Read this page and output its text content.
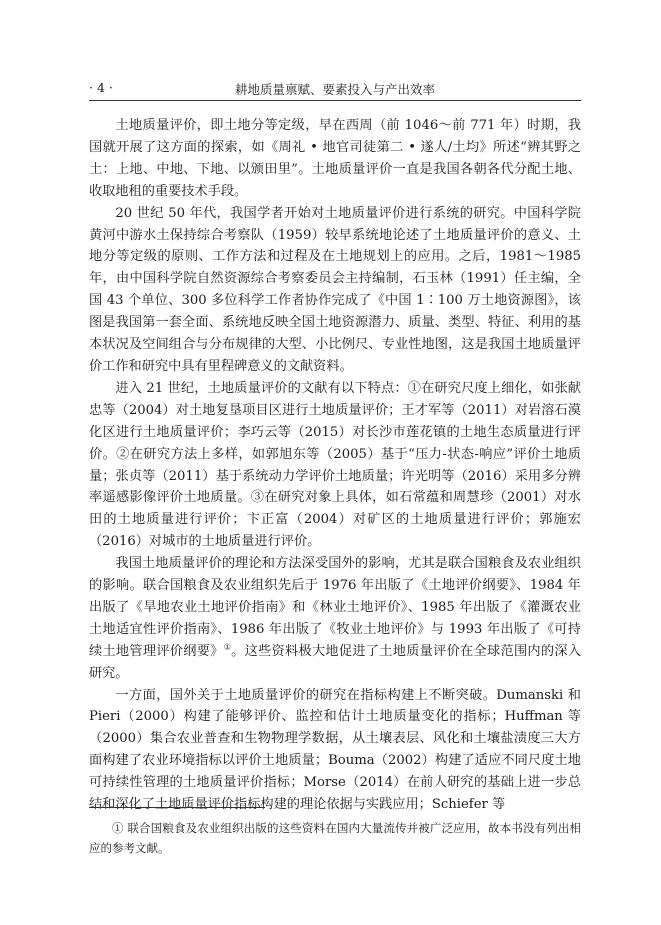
· 4 ·	耕地质量禀赋、要素投入与产出效率

土地质量评价，即土地分等定级，早在西周（前 1046～前 771 年）时期，我国就开展了这方面的探索，如《周礼 • 地官司徒第二 • 遂人/土均》所述“辨其野之土：上地、中地、下地、以颁田里”。土地质量评价一直是我国各朝各代分配土地、收取地租的重要技术手段。

20 世纪 50 年代，我国学者开始对土地质量评价进行系统的研究。中国科学院黄河中游水土保持综合考察队（1959）较早系统地论述了土地质量评价的意义、土地分等定级的原则、工作方法和过程及在土地规划上的应用。之后，1981～1985 年，由中国科学院自然资源综合考察委员会主持编制，石玉林（1991）任主编，全国 43 个单位、300 多位科学工作者协作完成了《中国 1∶100 万土地资源图》，该图是我国第一套全面、系统地反映全国土地资源潜力、质量、类型、特征、利用的基本状况及空间组合与分布规律的大型、小比例尺、专业性地图，这是我国土地质量评价工作和研究中具有里程碑意义的文献资料。

进入 21 世纪，土地质量评价的文献有以下特点：①在研究尺度上细化，如张献忠等（2004）对土地复垦项目区进行土地质量评价；王才军等（2011）对岩溶石漠化区进行土地质量评价；李巧云等（2015）对长沙市莲花镇的土地生态质量进行评价。②在研究方法上多样，如郭旭东等（2005）基于“压力-状态-响应”评价土地质量；张贞等（2011）基于系统动力学评价土地质量；许光明等（2016）采用多分辨率遥感影像评价土地质量。③在研究对象上具体，如石常蕴和周慧珍（2001）对水田的土地质量进行评价；卞正富（2004）对矿区的土地质量进行评价；郭施宏（2016）对城市的土地质量进行评价。

我国土地质量评价的理论和方法深受国外的影响，尤其是联合国粮食及农业组织的影响。联合国粮食及农业组织先后于 1976 年出版了《土地评价纲要》、1984 年出版了《旱地农业土地评价指南》和《林业土地评价》、1985 年出版了《灌溉农业土地适宜性评价指南》、1986 年出版了《牧业土地评价》与 1993 年出版了《可持续土地管理评价纲要》①。这些资料极大地促进了土地质量评价在全球范围内的深入研究。

一方面，国外关于土地质量评价的研究在指标构建上不断突破。Dumanski 和 Pieri（2000）构建了能够评价、监控和估计土地质量变化的指标；Huffman 等（2000）集合农业普查和生物物理学数据，从土壤表层、风化和土壤盐渍度三大方面构建了农业环境指标以评价土地质量；Bouma（2002）构建了适应不同尺度土地可持续性管理的土地质量评价指标；Morse（2014）在前人研究的基础上进一步总结和深化了土地质量评价指标构建的理论依据与实践应用；Schiefer 等

① 联合国粮食及农业组织出版的这些资料在国内大量流传并被广泛应用，故本书没有列出相应的参考文献。
